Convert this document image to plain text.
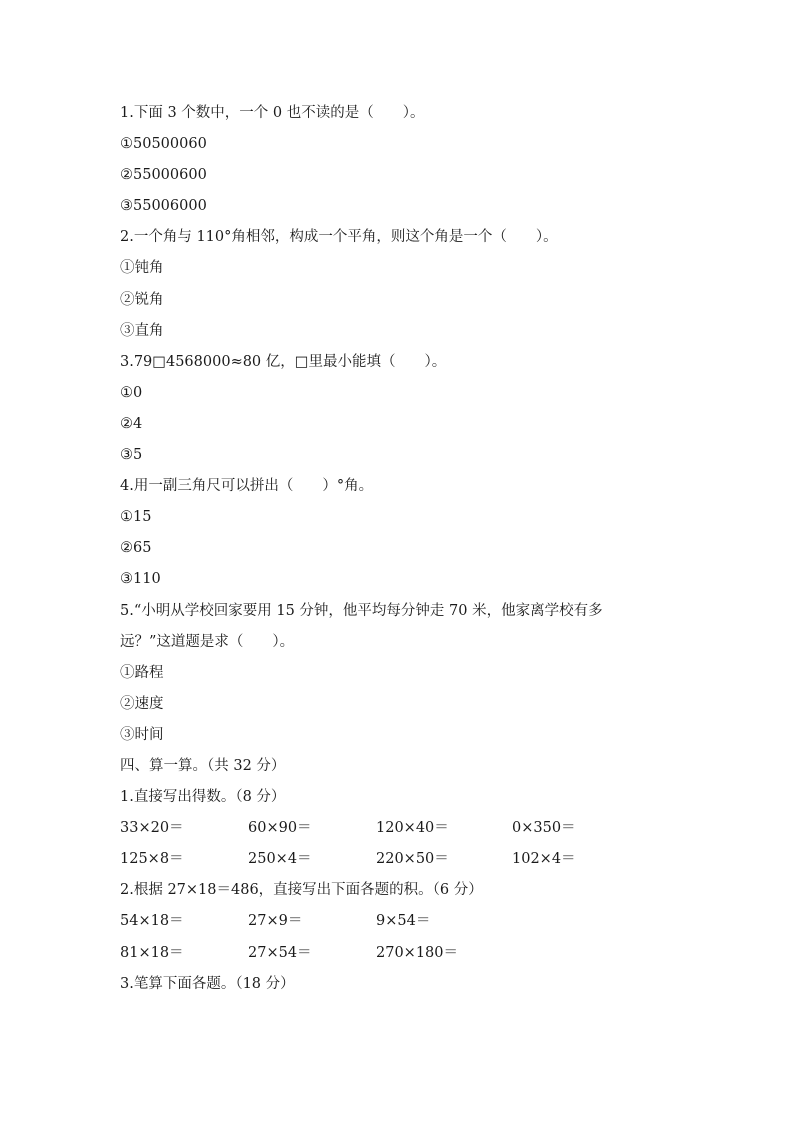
1.下面 3 个数中，一个 0 也不读的是（　　）。
①50500060
②55000600
③55006000
2.一个角与 110°角相邻，构成一个平角，则这个角是一个（　　）。
①钝角
②锐角
③直角
3.79□4568000≈80 亿，□里最小能填（　　）。
①0
②4
③5
4.用一副三角尺可以拼出（　　）°角。
①15
②65
③110
5.“小明从学校回家要用 15 分钟，他平均每分钟走 70 米，他家离学校有多
远？”这道题是求（　　）。
①路程
②速度
③时间
四、算一算。（共 32 分）
1.直接写出得数。（8 分）
33×20＝	60×90＝	120×40＝	0×350＝
125×8＝	250×4＝	220×50＝	102×4＝
2.根据 27×18＝486，直接写出下面各题的积。（6 分）
54×18＝	27×9＝	9×54＝
81×18＝	27×54＝	270×180＝
3.笔算下面各题。（18 分）
